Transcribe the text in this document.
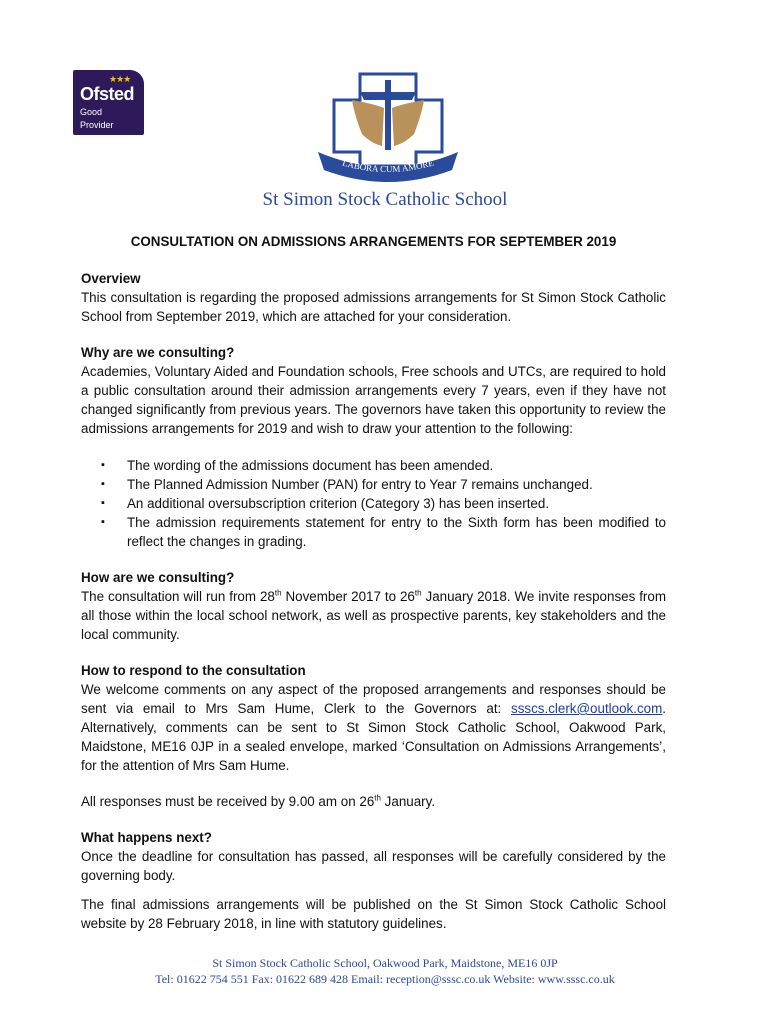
★★★
Ofsted
Good
Provider
LABORA CUM AMORE
St Simon Stock Catholic School
CONSULTATION ON ADMISSIONS ARRANGEMENTS FOR SEPTEMBER 2019
Overview

This consultation is regarding the proposed admissions arrangements for St Simon Stock Catholic School from September 2019, which are attached for your consideration.

Why are we consulting?

Academies, Voluntary Aided and Foundation schools, Free schools and UTCs, are required to hold a public consultation around their admission arrangements every 7 years, even if they have not changed significantly from previous years. The governors have taken this opportunity to review the admissions arrangements for 2019 and wish to draw your attention to the following:

▪ The wording of the admissions document has been amended.
▪ The Planned Admission Number (PAN) for entry to Year 7 remains unchanged.
▪ An additional oversubscription criterion (Category 3) has been inserted.
▪ The admission requirements statement for entry to the Sixth form has been modified to reflect the changes in grading.
How are we consulting?

The consultation will run from 28th November 2017 to 26th January 2018. We invite responses from all those within the local school network, as well as prospective parents, key stakeholders and the local community.

How to respond to the consultation

We welcome comments on any aspect of the proposed arrangements and responses should be sent via email to Mrs Sam Hume, Clerk to the Governors at: ssscs.clerk@outlook.com. Alternatively, comments can be sent to St Simon Stock Catholic School, Oakwood Park, Maidstone, ME16 0JP in a sealed envelope, marked ‘Consultation on Admissions Arrangements’, for the attention of Mrs Sam Hume.

All responses must be received by 9.00 am on 26th January.

What happens next?

Once the deadline for consultation has passed, all responses will be carefully considered by the governing body.

The final admissions arrangements will be published on the St Simon Stock Catholic School website by 28 February 2018, in line with statutory guidelines.

St Simon Stock Catholic School, Oakwood Park, Maidstone, ME16 0JP
Tel: 01622 754 551 Fax: 01622 689 428 Email: reception@sssc.co.uk Website: www.sssc.co.uk
